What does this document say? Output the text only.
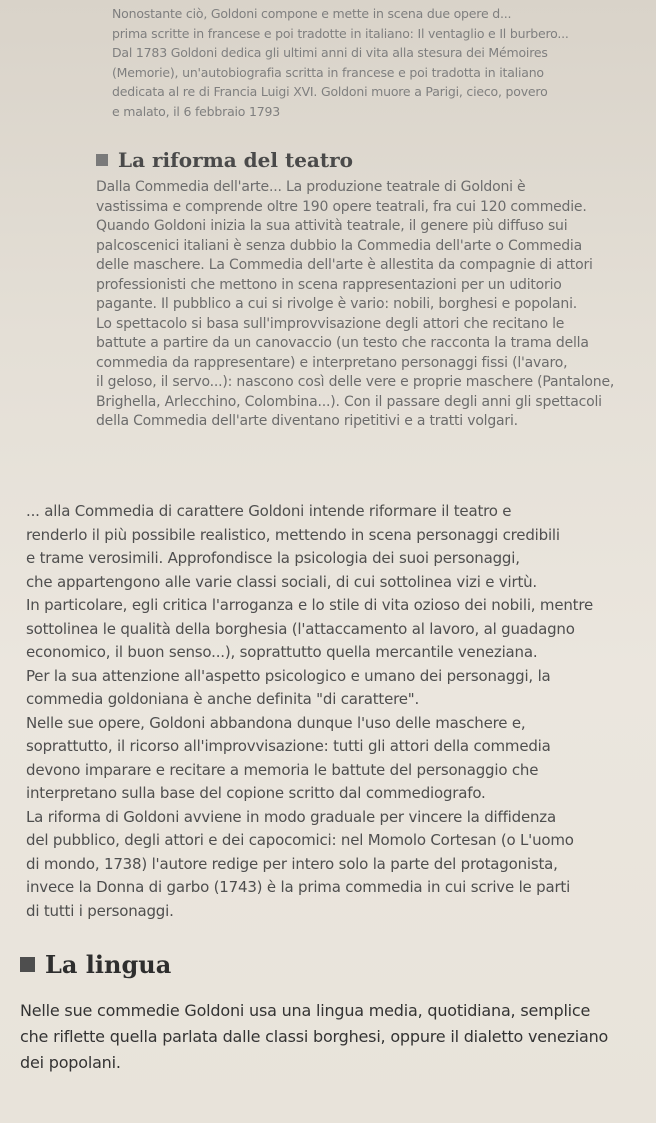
Nonostante ciò, Goldoni compone e mette in scena due opere d...
prima scritte in francese e poi tradotte in italiano: Il ventaglio e Il burbero...
Dal 1783 Goldoni dedica gli ultimi anni di vita alla stesura dei Mémoires
(Memorie), un'autobiografia scritta in francese e poi tradotta in italiano
dedicata al re di Francia Luigi XVI. Goldoni muore a Parigi, cieco, povero
e malato, il 6 febbraio 1793

La riforma del teatro

Dalla Commedia dell'arte... La produzione teatrale di Goldoni è
vastissima e comprende oltre 190 opere teatrali, fra cui 120 commedie.
Quando Goldoni inizia la sua attività teatrale, il genere più diffuso sui
palcoscenici italiani è senza dubbio la Commedia dell'arte o Commedia
delle maschere. La Commedia dell'arte è allestita da compagnie di attori
professionisti che mettono in scena rappresentazioni per un uditorio
pagante. Il pubblico a cui si rivolge è vario: nobili, borghesi e popolani.
Lo spettacolo si basa sull'improvvisazione degli attori che recitano le
battute a partire da un canovaccio (un testo che racconta la trama della
commedia da rappresentare) e interpretano personaggi fissi (l'avaro,
il geloso, il servo...): nascono così delle vere e proprie maschere (Pantalone,
Brighella, Arlecchino, Colombina...). Con il passare degli anni gli spettacoli
della Commedia dell'arte diventano ripetitivi e a tratti volgari.

... alla Commedia di carattere Goldoni intende riformare il teatro e
renderlo il più possibile realistico, mettendo in scena personaggi credibili
e trame verosimili. Approfondisce la psicologia dei suoi personaggi,
che appartengono alle varie classi sociali, di cui sottolinea vizi e virtù.
In particolare, egli critica l'arroganza e lo stile di vita ozioso dei nobili, mentre
sottolinea le qualità della borghesia (l'attaccamento al lavoro, al guadagno
economico, il buon senso...), soprattutto quella mercantile veneziana.
Per la sua attenzione all'aspetto psicologico e umano dei personaggi, la
commedia goldoniana è anche definita "di carattere".
Nelle sue opere, Goldoni abbandona dunque l'uso delle maschere e,
soprattutto, il ricorso all'improvvisazione: tutti gli attori della commedia
devono imparare e recitare a memoria le battute del personaggio che
interpretano sulla base del copione scritto dal commediografo.
La riforma di Goldoni avviene in modo graduale per vincere la diffidenza
del pubblico, degli attori e dei capocomici: nel Momolo Cortesan (o L'uomo
di mondo, 1738) l'autore redige per intero solo la parte del protagonista,
invece la Donna di garbo (1743) è la prima commedia in cui scrive le parti
di tutti i personaggi.

La lingua

Nelle sue commedie Goldoni usa una lingua media, quotidiana, semplice
che riflette quella parlata dalle classi borghesi, oppure il dialetto veneziano
dei popolani.
